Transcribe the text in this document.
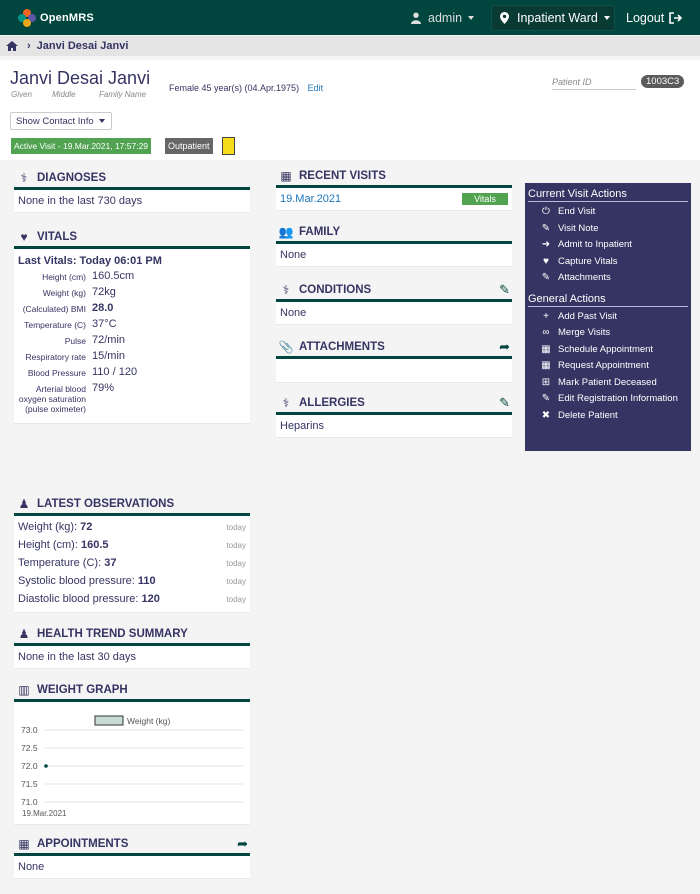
OpenMRS	admin	Inpatient Ward Logout
› Janvi Desai Janvi
Janvi Desai Janvi
Given	Middle	Family Name
Female 45 year(s) (04.Apr.1975) Edit
Patient ID	1003C3
Show Contact Info
Active Visit - 19.Mar.2021, 17:57:29	Outpatient
⚕ DIAGNOSES
None in the last 730 days
♥ VITALS
Last Vitals: Today 06:01 PM
Height (cm) 160.5cm
Weight (kg) 72kg
(Calculated) BMI 28.0
Temperature (C) 37°C
Pulse 72/min
Respiratory rate 15/min
Blood Pressure 110 / 120
Arterial blood oxygen saturation (pulse oximeter)
79%
♟ LATEST OBSERVATIONS
Weight (kg): 72	today
Height (cm): 160.5	today
Temperature (C): 37	today
Systolic blood pressure: 110	today
Diastolic blood pressure: 120	today
♟ HEALTH TREND SUMMARY
None in the last 30 days
▥ WEIGHT GRAPH
Weight (kg)
73.0
72.5
72.0
71.5
71.0
19.Mar.2021
▦ APPOINTMENTS	➦
None
▦ RECENT VISITS
19.Mar.2021	Vitals
👥 FAMILY
None
⚕ CONDITIONS	✎
None
📎 ATTACHMENTS	➦
⚕ ALLERGIES	✎
Heparins
Current Visit Actions
⏻ End Visit
✎ Visit Note
➜ Admit to Inpatient
♥ Capture Vitals
✎ Attachments
General Actions
+ Add Past Visit
∞ Merge Visits
▦ Schedule Appointment
▦ Request Appointment
⊞ Mark Patient Deceased
✎ Edit Registration Information
✖ Delete Patient
